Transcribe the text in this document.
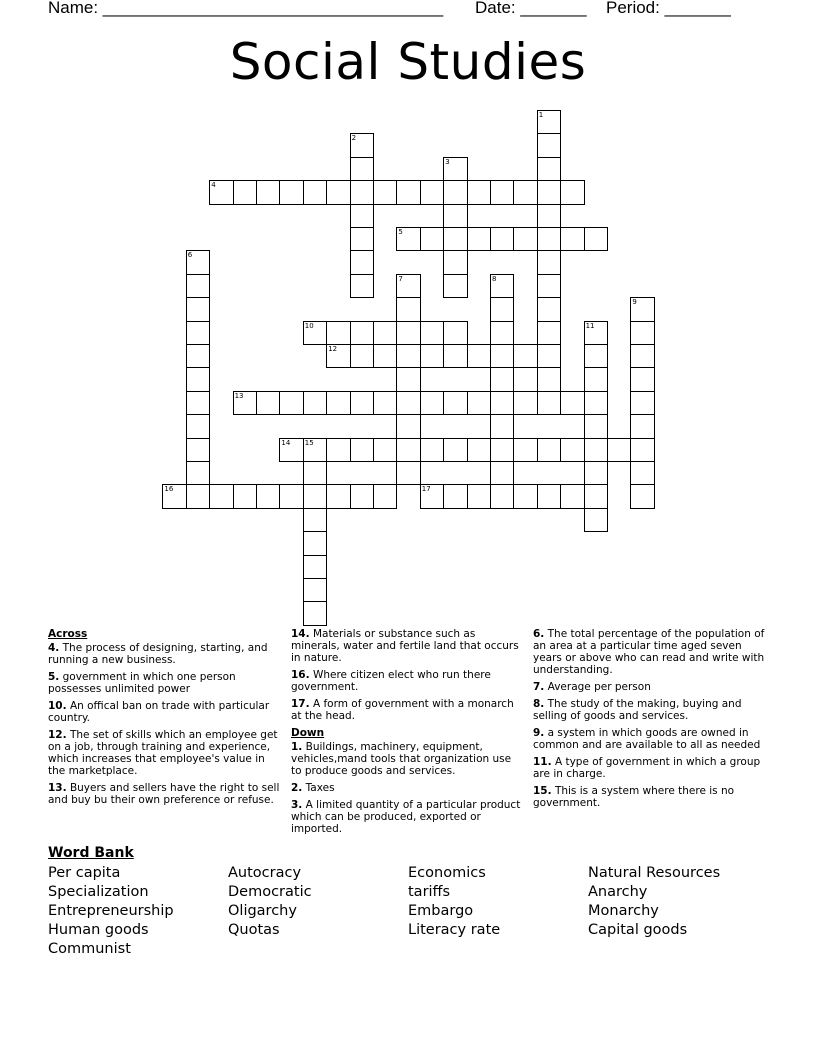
Name: ____________________________________ Date: _______ Period: _______
Social Studies
1
2
3
4
5
6
7	8
9
10	11
12
13
14 15
16	17
Across
4. The process of designing, starting, and running a new business.
5. government in which one person possesses unlimited power
10. An offical ban on trade with particular country.
12. The set of skills which an employee get on a job, through training and experience, which increases that employee's value in the marketplace.
13. Buyers and sellers have the right to sell and buy bu their own preference or refuse.
14. Materials or substance such as minerals, water and fertile land that occurs in nature.
16. Where citizen elect who run there government.
17. A form of government with a monarch at the head.
Down
1. Buildings, machinery, equipment, vehicles,mand tools that organization use to produce goods and services.
2. Taxes
3. A limited quantity of a particular product which can be produced, exported or imported.
6. The total percentage of the population of an area at a particular time aged seven years or above who can read and write with understanding.
7. Average per person
8. The study of the making, buying and selling of goods and services.
9. a system in which goods are owned in common and are available to all as needed
11. A type of government in which a group are in charge.
15. This is a system where there is no government.
Word Bank
Per capita
Specialization
Entrepreneurship
Human goods
Communist
Autocracy
Democratic
Oligarchy
Quotas
Economics
tariffs
Embargo
Literacy rate
Natural Resources
Anarchy
Monarchy
Capital goods
